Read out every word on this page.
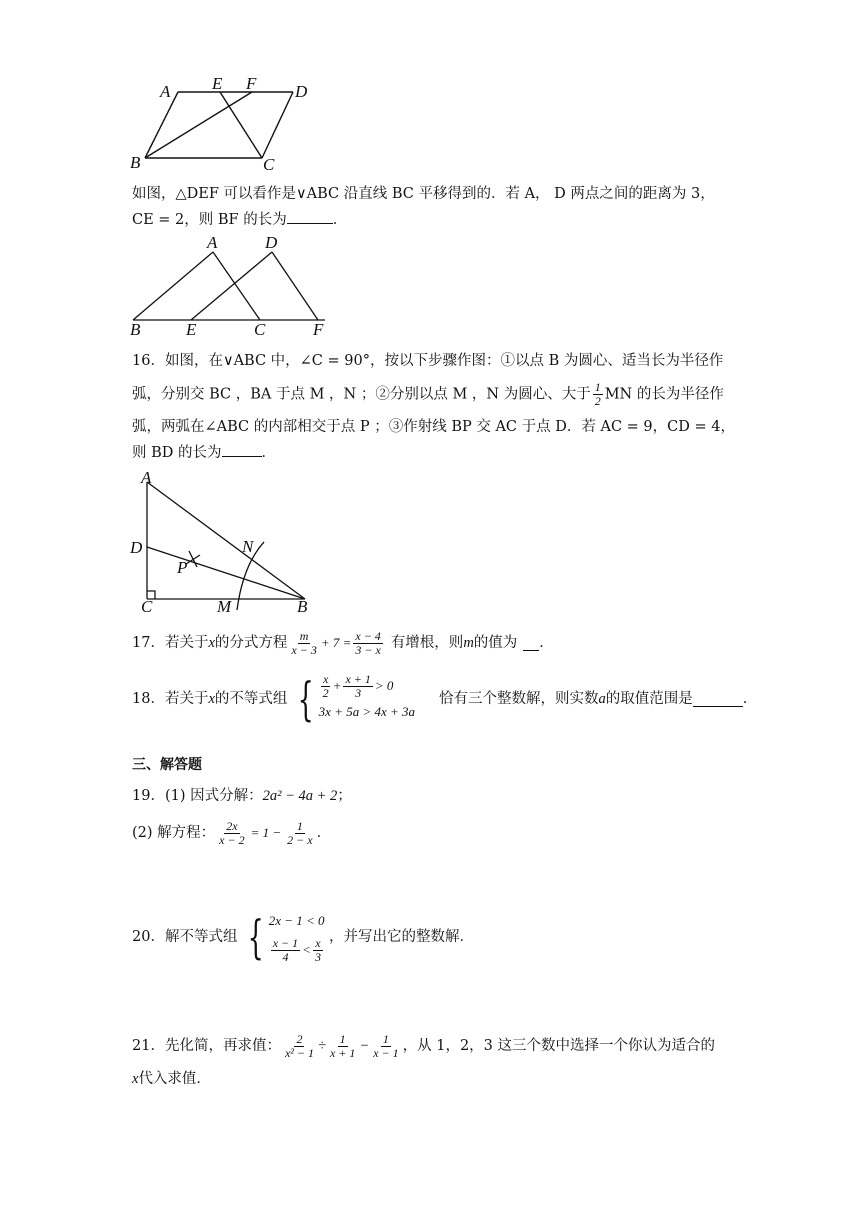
A E F D
B	C
如图，△DEF 可以看作是∨ABC 沿直线 BC 平移得到的．若 A， D 两点之间的距离为 3，
CE = 2，则 BF 的长为	．
A	D
B	E	C	F
16．如图，在∨ABC 中，∠C = 90°，按以下步骤作图：①以点 B 为圆心、适当长为半径作
弧，分别交 BC ，BA 于点 M ，N ；②分别以点 M ，N 为圆心、大于 $\frac{1}{2}$ MN 的长为半径作
弧，两弧在∠ABC 的内部相交于点 P ；③作射线 BP 交 AC 于点 D．若 AC = 9，CD = 4，
则 BD 的长为	．
A
D	N
P
C	M	B
17．若关于 x 的分式方程 $\frac{m}{x - 3} + 7 = \frac{x - 4}{3 - x}$ 有增根，则 m 的值为 ．
18．若关于 x 的不等式组 { $\frac{x}{2} + \frac{x + 1}{3} > 0$
3x + 5a > 4x + 3a
恰有三个整数解，则实数 a 的取值范围是	．
三、解答题
19．(1) 因式分解：2a² − 4a + 2；
(2) 解方程： $\frac{2x}{x - 2} = 1 - \frac{1}{2 - x}$ ．
20．解不等式组 { 2x − 1 < 0
$\frac{x - 1}{4} < \frac{x}{3}$ ，并写出它的整数解．
21．先化简，再求值： $\frac{2}{\text{x² − 1}} \div \frac{1}{x + 1} - \frac{1}{x - 1}$ ，从 1，2，3 这三个数中选择一个你认为适合的
x代入求值．
